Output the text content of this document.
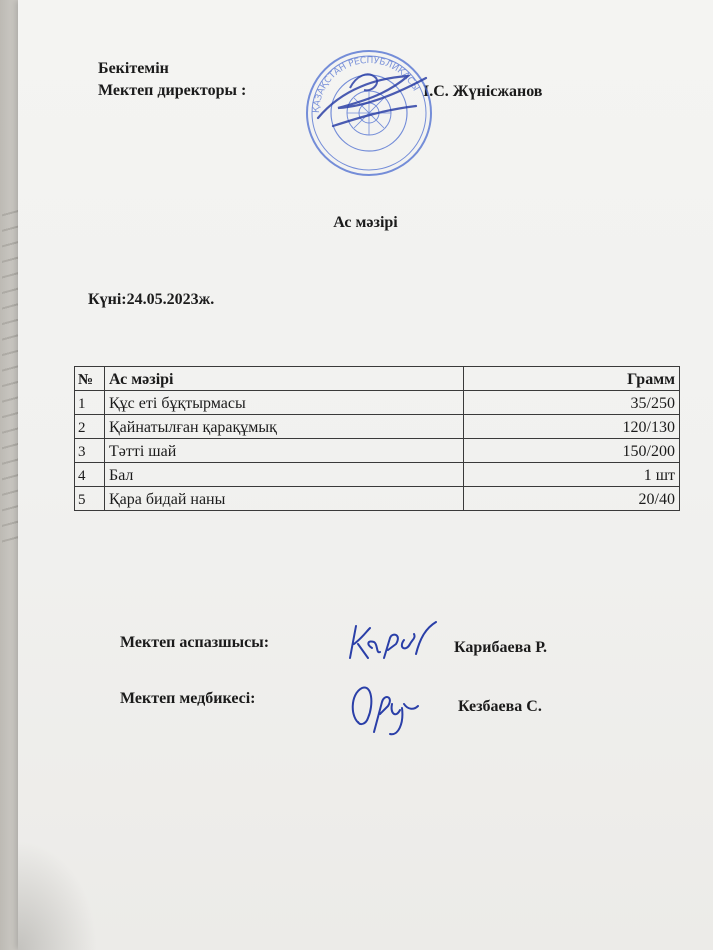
Бекітемін
Мектеп директоры :	І.С. Жүнісжанов
ҚАЗАҚСТАН РЕСПУБЛИКАСЫ
Ас мәзірі
Күні:24.05.2023ж.
№	Ас мәзірі	Грамм
1	Құс еті бұқтырмасы	35/250
2	Қайнатылған қарақұмық	120/130
3	Тәтті шай	150/200
4	Бал	1 шт
5	Қара бидай наны	20/40
Мектеп аспазшысы:	Карибаева Р.
Мектеп медбикесі:	Кезбаева С.
